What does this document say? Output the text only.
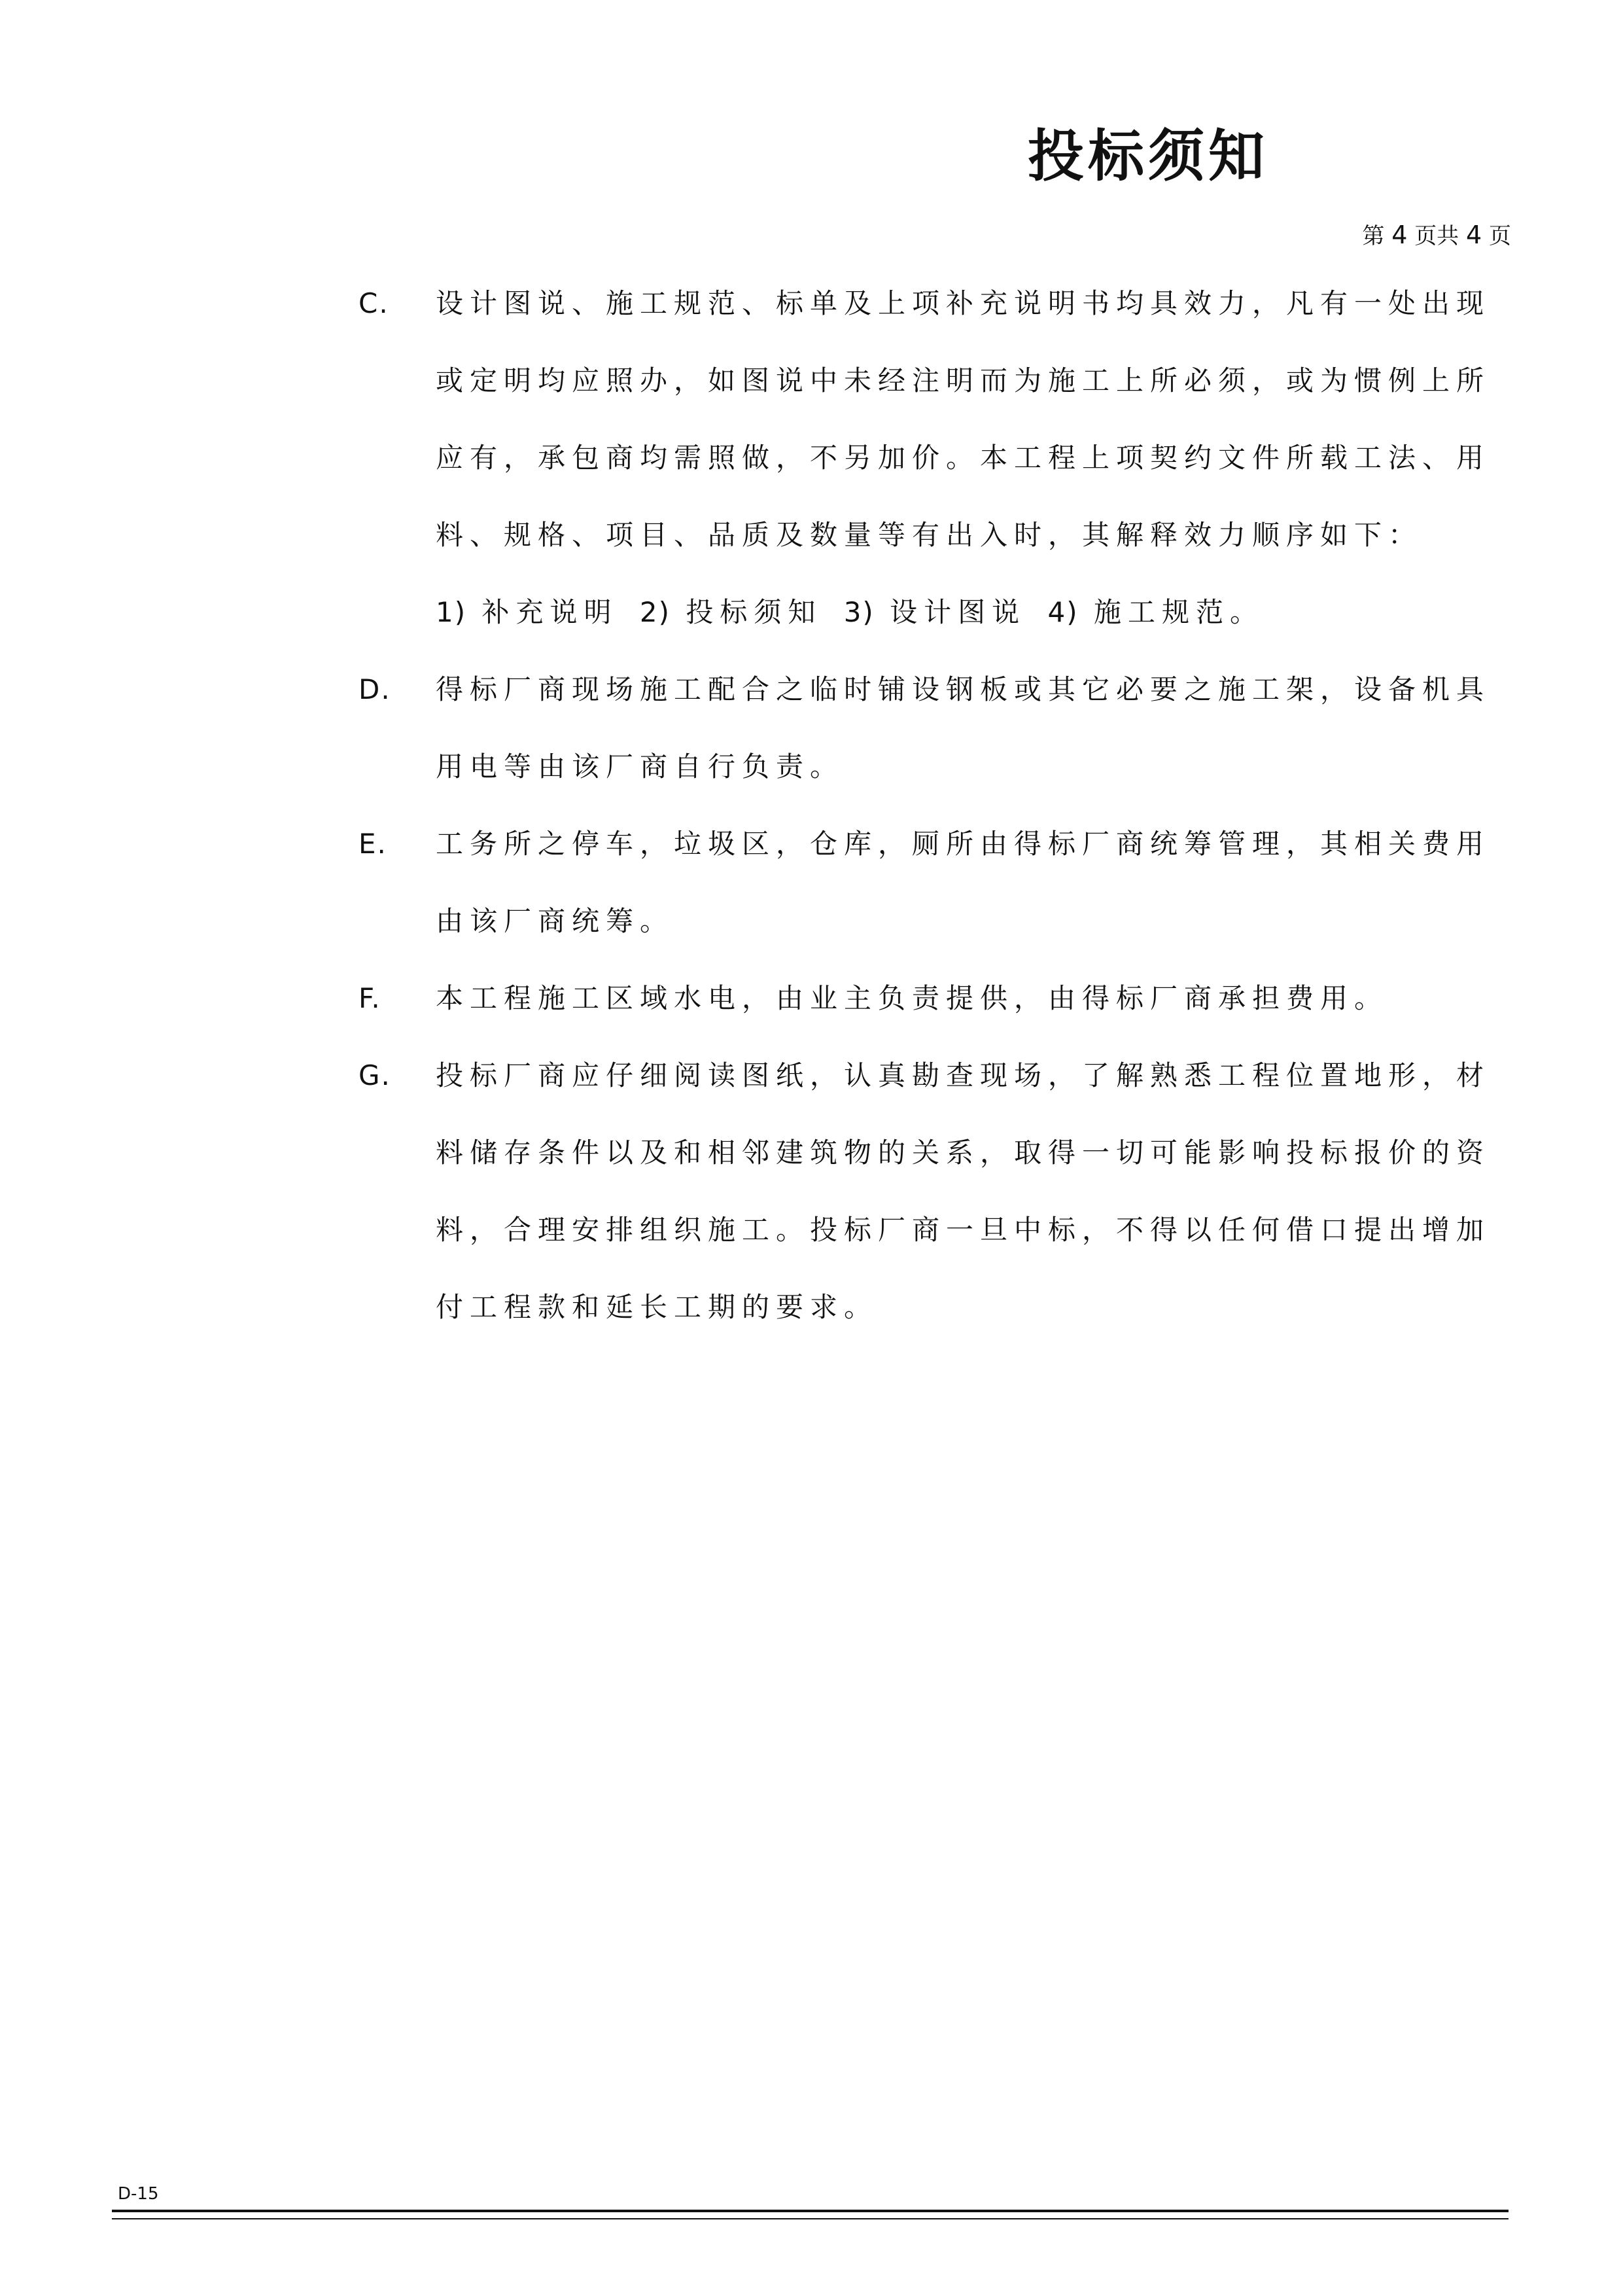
投标须知
第 4 页共 4 页
C. 设计图说、施工规范、标单及上项补充说明书均具效力，凡有一处出现
或定明均应照办，如图说中未经注明而为施工上所必须，或为惯例上所
应有，承包商均需照做，不另加价。本工程上项契约文件所载工法、用
料、规格、项目、品质及数量等有出入时，其解释效力顺序如下：
1) 补充说明 2) 投标须知 3) 设计图说 4) 施工规范。
D. 得标厂商现场施工配合之临时铺设钢板或其它必要之施工架，设备机具
用电等由该厂商自行负责。
E. 工务所之停车，垃圾区，仓库，厕所由得标厂商统筹管理，其相关费用
由该厂商统筹。
F. 本工程施工区域水电，由业主负责提供，由得标厂商承担费用。
G. 投标厂商应仔细阅读图纸，认真勘查现场，了解熟悉工程位置地形，材
料储存条件以及和相邻建筑物的关系，取得一切可能影响投标报价的资
料，合理安排组织施工。投标厂商一旦中标，不得以任何借口提出增加
付工程款和延长工期的要求。
D-15
